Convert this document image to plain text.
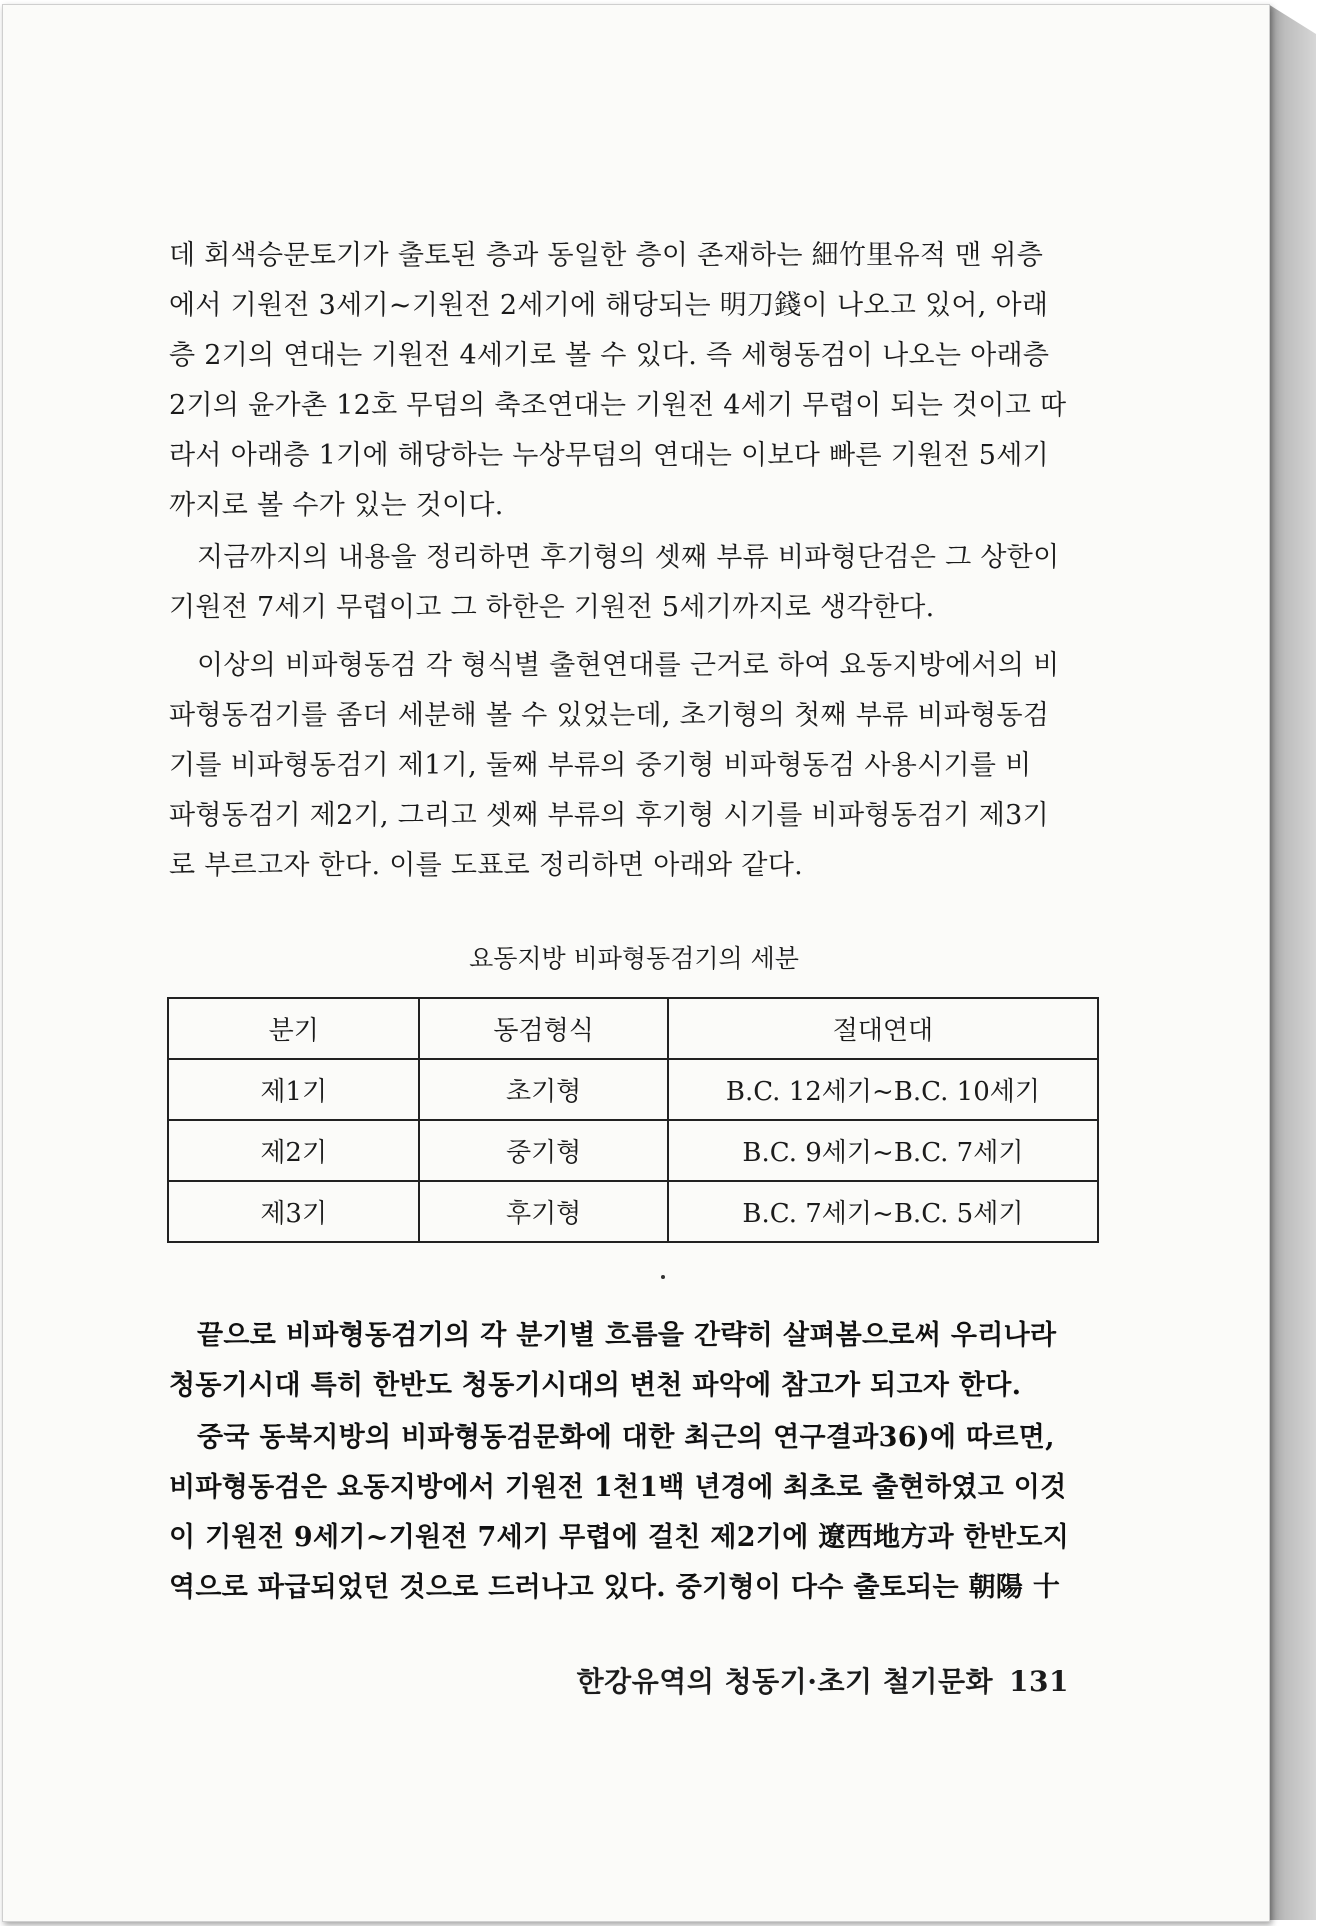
데 회색승문토기가 출토된 층과 동일한 층이 존재하는 細竹里유적 맨 위층
에서 기원전 3세기~기원전 2세기에 해당되는 明刀錢이 나오고 있어, 아래
층 2기의 연대는 기원전 4세기로 볼 수 있다. 즉 세형동검이 나오는 아래층
2기의 윤가촌 12호 무덤의 축조연대는 기원전 4세기 무렵이 되는 것이고 따
라서 아래층 1기에 해당하는 누상무덤의 연대는 이보다 빠른 기원전 5세기
까지로 볼 수가 있는 것이다.

지금까지의 내용을 정리하면 후기형의 셋째 부류 비파형단검은 그 상한이
기원전 7세기 무렵이고 그 하한은 기원전 5세기까지로 생각한다.

이상의 비파형동검 각 형식별 출현연대를 근거로 하여 요동지방에서의 비
파형동검기를 좀더 세분해 볼 수 있었는데, 초기형의 첫째 부류 비파형동검
기를 비파형동검기 제1기, 둘째 부류의 중기형 비파형동검 사용시기를 비
파형동검기 제2기, 그리고 셋째 부류의 후기형 시기를 비파형동검기 제3기
로 부르고자 한다. 이를 도표로 정리하면 아래와 같다.

요동지방 비파형동검기의 세분
분기	동검형식	절대연대
제1기	초기형	B.C. 12세기~B.C. 10세기
제2기	중기형	B.C. 9세기~B.C. 7세기
제3기	후기형	B.C. 7세기~B.C. 5세기

끝으로 비파형동검기의 각 분기별 흐름을 간략히 살펴봄으로써 우리나라
청동기시대 특히 한반도 청동기시대의 변천 파악에 참고가 되고자 한다.

중국 동북지방의 비파형동검문화에 대한 최근의 연구결과36)에 따르면,
비파형동검은 요동지방에서 기원전 1천1백 년경에 최초로 출현하였고 이것
이 기원전 9세기~기원전 7세기 무렵에 걸친 제2기에 遼西地方과 한반도지
역으로 파급되었던 것으로 드러나고 있다. 중기형이 다수 출토되는 朝陽 十

한강유역의 청동기·초기 철기문화 131
